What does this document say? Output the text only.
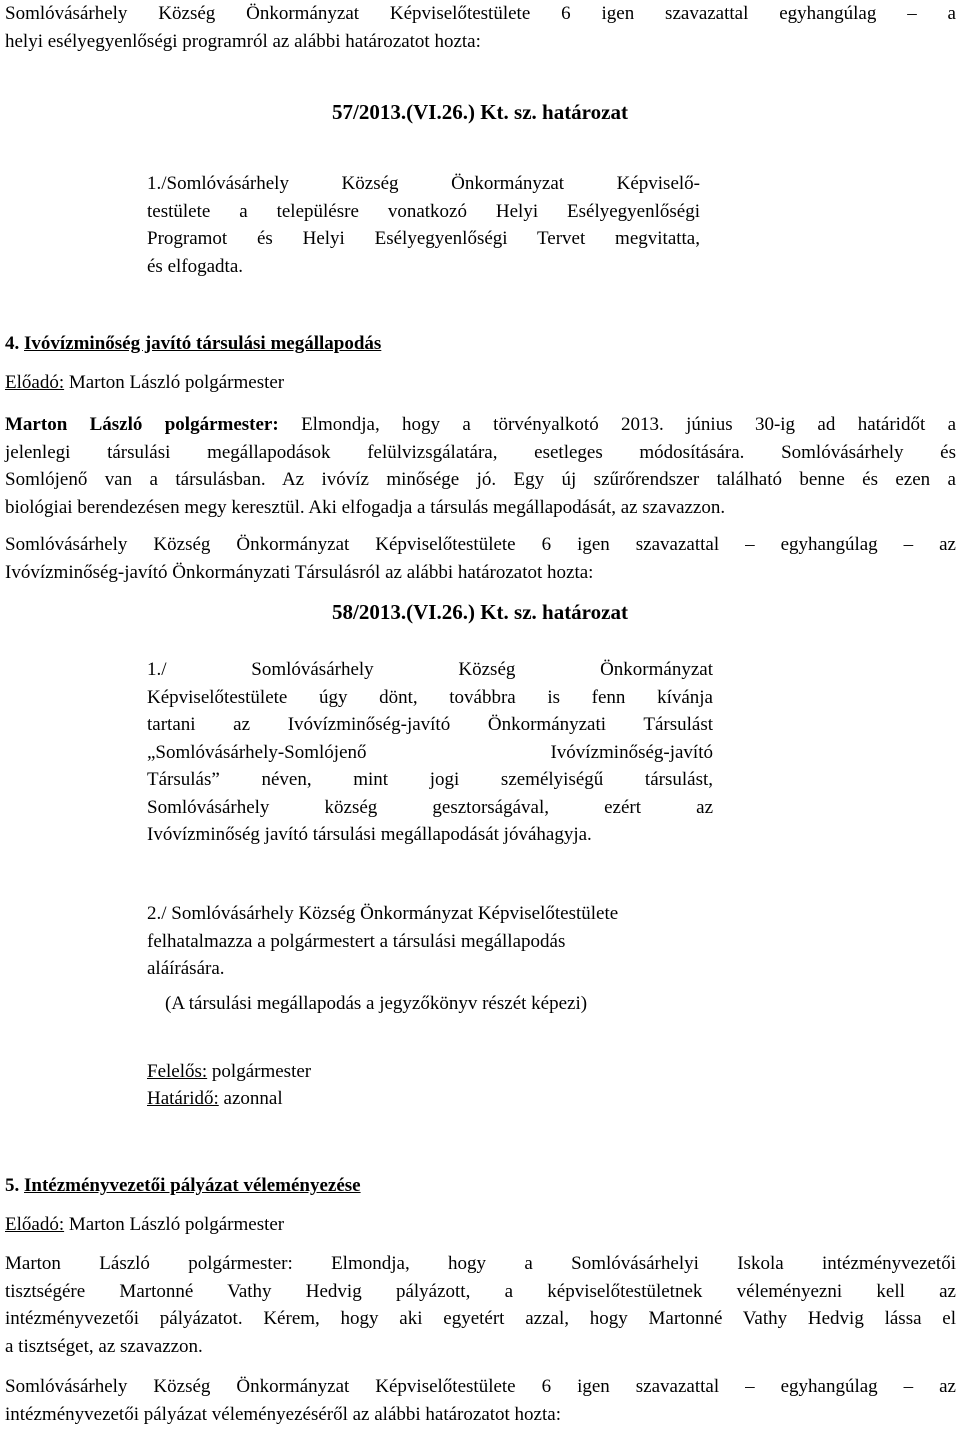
Somlóvásárhely Község Önkormányzat Képviselőtestülete 6 igen szavazattal egyhangúlag – a
helyi esélyegyenlőségi programról az alábbi határozatot hozta:

57/2013.(VI.26.) Kt. sz. határozat

1./Somlóvásárhely Község Önkormányzat Képviselő-
testülete a településre vonatkozó Helyi Esélyegyenlőségi
Programot és Helyi Esélyegyenlőségi Tervet megvitatta,
és elfogadta.

4. Ivóvízminőség javító társulási megállapodás
Előadó: Marton László polgármester

Marton László polgármester: Elmondja, hogy a törvényalkotó 2013. június 30-ig ad határidőt a
jelenlegi társulási megállapodások felülvizsgálatára, esetleges módosítására. Somlóvásárhely és
Somlójenő van a társulásban. Az ivóvíz minősége jó. Egy új szűrőrendszer található benne és ezen a
biológiai berendezésen megy keresztül. Aki elfogadja a társulás megállapodását, az szavazzon.

Somlóvásárhely Község Önkormányzat Képviselőtestülete 6 igen szavazattal – egyhangúlag – az
Ivóvízminőség-javító Önkormányzati Társulásról az alábbi határozatot hozta:

58/2013.(VI.26.) Kt. sz. határozat

1./ Somlóvásárhely Község Önkormányzat
Képviselőtestülete úgy dönt, továbbra is fenn kívánja
tartani az Ivóvízminőség-javító Önkormányzati Társulást
„Somlóvásárhely-Somlójenő Ivóvízminőség-javító
Társulás” néven, mint jogi személyiségű társulást,
Somlóvásárhely község gesztorságával, ezért az
Ivóvízminőség javító társulási megállapodását jóváhagyja.

2./ Somlóvásárhely Község Önkormányzat Képviselőtestülete
felhatalmazza a polgármestert a társulási megállapodás
aláírására.

(A társulási megállapodás a jegyzőkönyv részét képezi)
Felelős: polgármester
Határidő: azonnal
5. Intézményvezetői pályázat véleményezése
Előadó: Marton László polgármester

Marton László polgármester: Elmondja, hogy a Somlóvásárhelyi Iskola intézményvezetői
tisztségére Martonné Vathy Hedvig pályázott, a képviselőtestületnek véleményezni kell az
intézményvezetői pályázatot. Kérem, hogy aki egyetért azzal, hogy Martonné Vathy Hedvig lássa el
a tisztséget, az szavazzon.

Somlóvásárhely Község Önkormányzat Képviselőtestülete 6 igen szavazattal – egyhangúlag – az
intézményvezetői pályázat véleményezéséről az alábbi határozatot hozta:
